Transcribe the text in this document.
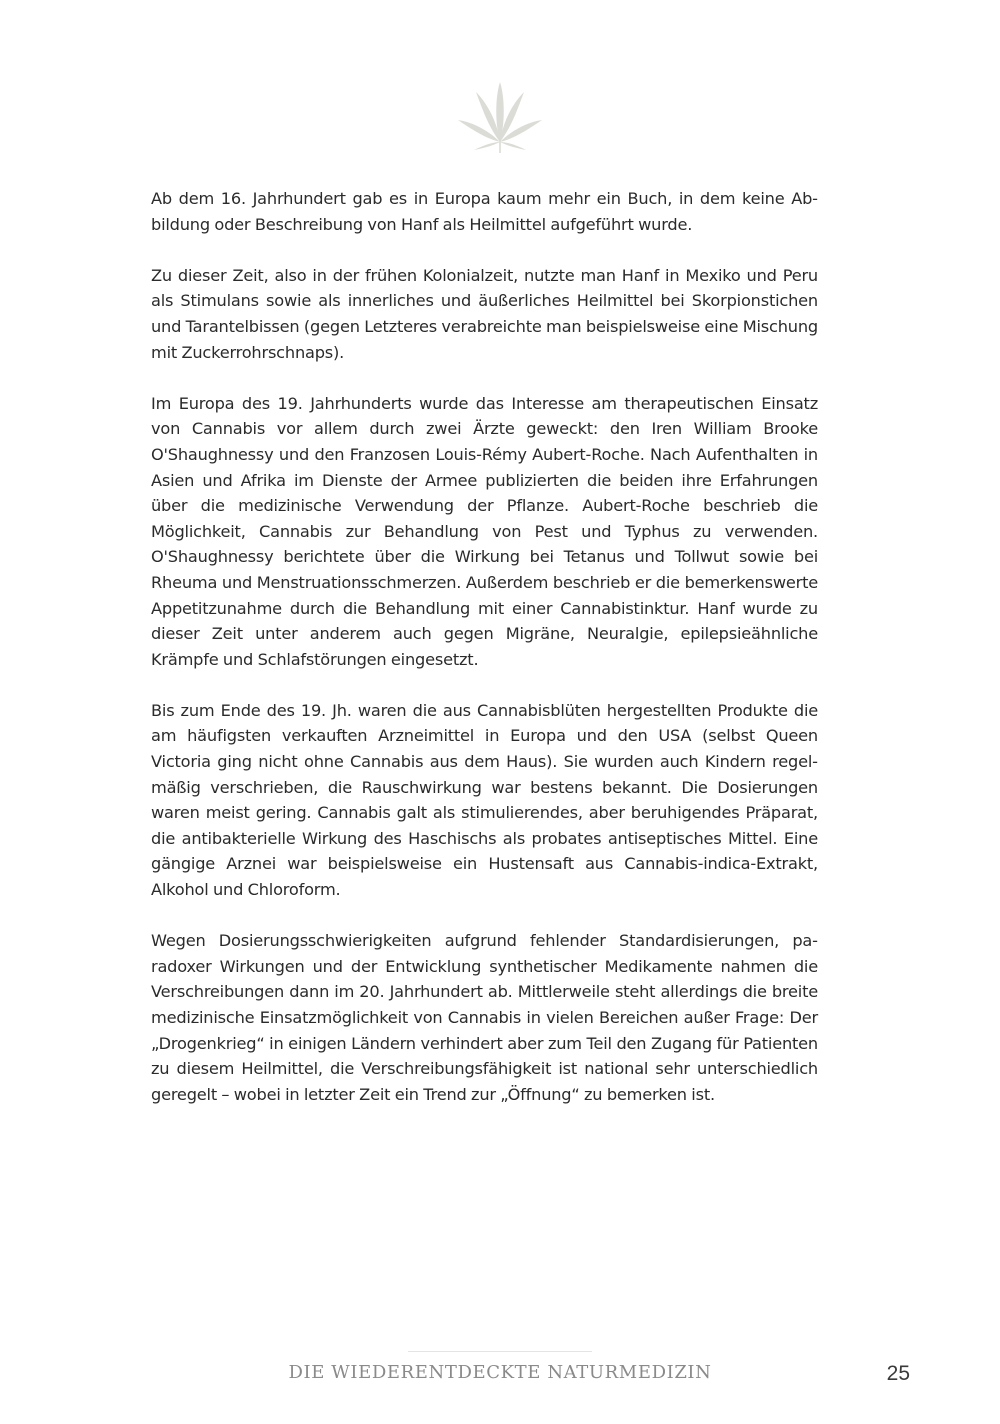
Ab dem 16. Jahrhundert gab es in Europa kaum mehr ein Buch, in dem keine Abbildung oder Beschreibung von Hanf als Heilmittel aufgeführt wurde.

Zu dieser Zeit, also in der frühen Kolonialzeit, nutzte man Hanf in Mexiko und Peru als Stimulans sowie als innerliches und äußerliches Heilmittel bei Skorpionstichen und Tarantelbissen (gegen Letzteres verabreichte man beispielsweise eine Mischung mit Zuckerrohrschnaps).

Im Europa des 19. Jahrhunderts wurde das Interesse am therapeutischen Einsatz von Cannabis vor allem durch zwei Ärzte geweckt: den Iren William Brooke O'Shaughnessy und den Franzosen Louis-Rémy Aubert-Roche. Nach Aufenthalten in Asien und Afrika im Dienste der Armee publizierten die beiden ihre Erfahrungen über die medizinische Verwendung der Pflanze. Aubert-Roche beschrieb die Möglichkeit, Cannabis zur Behandlung von Pest und Typhus zu verwenden. O'Shaughnessy berichtete über die Wirkung bei Tetanus und Tollwut sowie bei Rheuma und Menstruationsschmerzen. Außerdem beschrieb er die bemerkenswerte Appetitzunahme durch die Behandlung mit einer Cannabistinktur. Hanf wurde zu dieser Zeit unter anderem auch gegen Migräne, Neuralgie, epilepsieähnliche Krämpfe und Schlafstörungen eingesetzt.

Bis zum Ende des 19. Jh. waren die aus Cannabisblüten hergestellten Produkte die am häufigsten verkauften Arzneimittel in Europa und den USA (selbst Queen Victoria ging nicht ohne Cannabis aus dem Haus). Sie wurden auch Kindern regelmäßig verschrieben, die Rauschwirkung war bestens bekannt. Die Dosierungen waren meist gering. Cannabis galt als stimulierendes, aber beruhigendes Präparat, die antibakterielle Wirkung des Haschischs als probates antiseptisches Mittel. Eine gängige Arznei war beispielsweise ein Hustensaft aus Cannabis-indica-Extrakt, Alkohol und Chloroform.

Wegen Dosierungsschwierigkeiten aufgrund fehlender Standardisierungen, paradoxer Wirkungen und der Entwicklung synthetischer Medikamente nahmen die Verschreibungen dann im 20. Jahrhundert ab. Mittlerweile steht allerdings die breite medizinische Einsatzmöglichkeit von Cannabis in vielen Bereichen außer Frage: Der „Drogenkrieg“ in einigen Ländern verhindert aber zum Teil den Zugang für Patienten zu diesem Heilmittel, die Verschreibungsfähigkeit ist national sehr unterschiedlich geregelt – wobei in letzter Zeit ein Trend zur „Öffnung“ zu bemerken ist.

DIE WIEDERENTDECKTE NATURMEDIZIN	25
